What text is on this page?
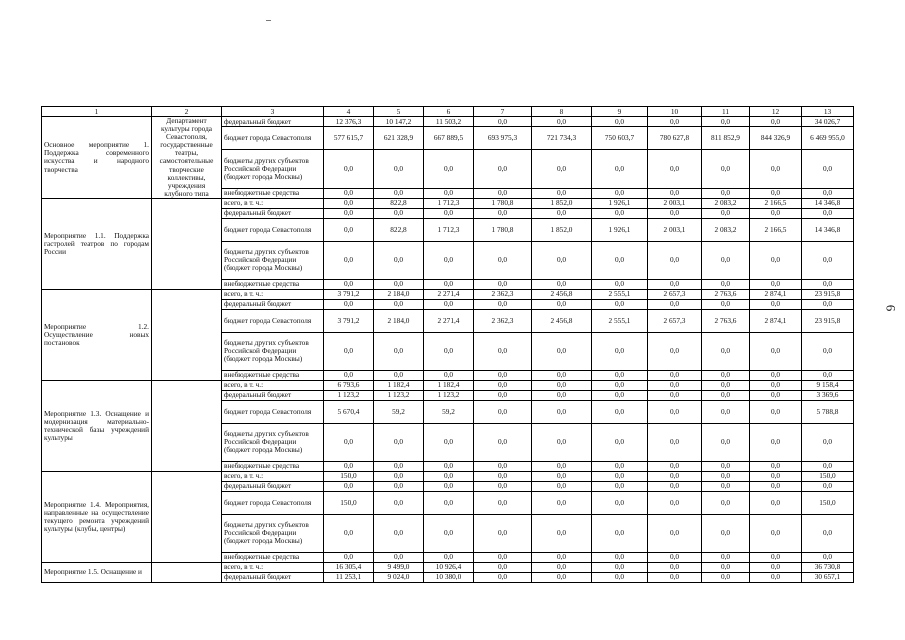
6
1	2	3	4	5	6	7	8	9	10	11	12	13
Основное мероприятие 1. Поддержка современного искусства и народного творчества	Департамент культуры города Севастополя, государственные театры, самостоятельные творческие коллективы, учреждения клубного типа	федеральный бюджет	12 376,3	10 147,2	11 503,2	0,0	0,0	0,0	0,0	0,0	0,0	34 026,7
		бюджет города Севастополя	577 615,7	621 328,9	667 889,5	693 975,3	721 734,3	750 603,7	780 627,8	811 852,9	844 326,9	6 469 955,0
		бюджеты других субъектов Российской Федерации (бюджет города Москвы)	0,0	0,0	0,0	0,0	0,0	0,0	0,0	0,0	0,0	0,0
		внебюджетные средства	0,0	0,0	0,0	0,0	0,0	0,0	0,0	0,0	0,0	0,0
Мероприятие 1.1. Поддержка гастролей театров по городам России		всего, в т. ч.:	0,0	822,8	1 712,3	1 780,8	1 852,0	1 926,1	2 003,1	2 083,2	2 166,5	14 346,8
		федеральный бюджет	0,0	0,0	0,0	0,0	0,0	0,0	0,0	0,0	0,0	0,0
		бюджет города Севастополя	0,0	822,8	1 712,3	1 780,8	1 852,0	1 926,1	2 003,1	2 083,2	2 166,5	14 346,8
		бюджеты других субъектов Российской Федерации (бюджет города Москвы)	0,0	0,0	0,0	0,0	0,0	0,0	0,0	0,0	0,0	0,0
		внебюджетные средства	0,0	0,0	0,0	0,0	0,0	0,0	0,0	0,0	0,0	0,0
Мероприятие 1.2. Осуществление новых постановок		всего, в т. ч.:	3 791,2	2 184,0	2 271,4	2 362,3	2 456,8	2 555,1	2 657,3	2 763,6	2 874,1	23 915,8
		федеральный бюджет	0,0	0,0	0,0	0,0	0,0	0,0	0,0	0,0	0,0	0,0
		бюджет города Севастополя	3 791,2	2 184,0	2 271,4	2 362,3	2 456,8	2 555,1	2 657,3	2 763,6	2 874,1	23 915,8
		бюджеты других субъектов Российской Федерации (бюджет города Москвы)	0,0	0,0	0,0	0,0	0,0	0,0	0,0	0,0	0,0	0,0
		внебюджетные средства	0,0	0,0	0,0	0,0	0,0	0,0	0,0	0,0	0,0	0,0
Мероприятие 1.3. Оснащение и модернизация материально-технической базы учреждений культуры		всего, в т. ч.:	6 793,6	1 182,4	1 182,4	0,0	0,0	0,0	0,0	0,0	0,0	9 158,4
		федеральный бюджет	1 123,2	1 123,2	1 123,2	0,0	0,0	0,0	0,0	0,0	0,0	3 369,6
		бюджет города Севастополя	5 670,4	59,2	59,2	0,0	0,0	0,0	0,0	0,0	0,0	5 788,8
		бюджеты других субъектов Российской Федерации (бюджет города Москвы)	0,0	0,0	0,0	0,0	0,0	0,0	0,0	0,0	0,0	0,0
		внебюджетные средства	0,0	0,0	0,0	0,0	0,0	0,0	0,0	0,0	0,0	0,0
Мероприятие 1.4. Мероприятия, направленные на осуществление текущего ремонта учреждений культуры (клубы, центры)		всего, в т. ч.:	150,0	0,0	0,0	0,0	0,0	0,0	0,0	0,0	0,0	150,0
		федеральный бюджет	0,0	0,0	0,0	0,0	0,0	0,0	0,0	0,0	0,0	0,0
		бюджет города Севастополя	150,0	0,0	0,0	0,0	0,0	0,0	0,0	0,0	0,0	150,0
		бюджеты других субъектов Российской Федерации (бюджет города Москвы)	0,0	0,0	0,0	0,0	0,0	0,0	0,0	0,0	0,0	0,0
		внебюджетные средства	0,0	0,0	0,0	0,0	0,0	0,0	0,0	0,0	0,0	0,0
Мероприятие 1.5. Оснащение и		всего, в т. ч.:	16 305,4	9 499,0	10 926,4	0,0	0,0	0,0	0,0	0,0	0,0	36 730,8
		федеральный бюджет	11 253,1	9 024,0	10 380,0	0,0	0,0	0,0	0,0	0,0	0,0	30 657,1
